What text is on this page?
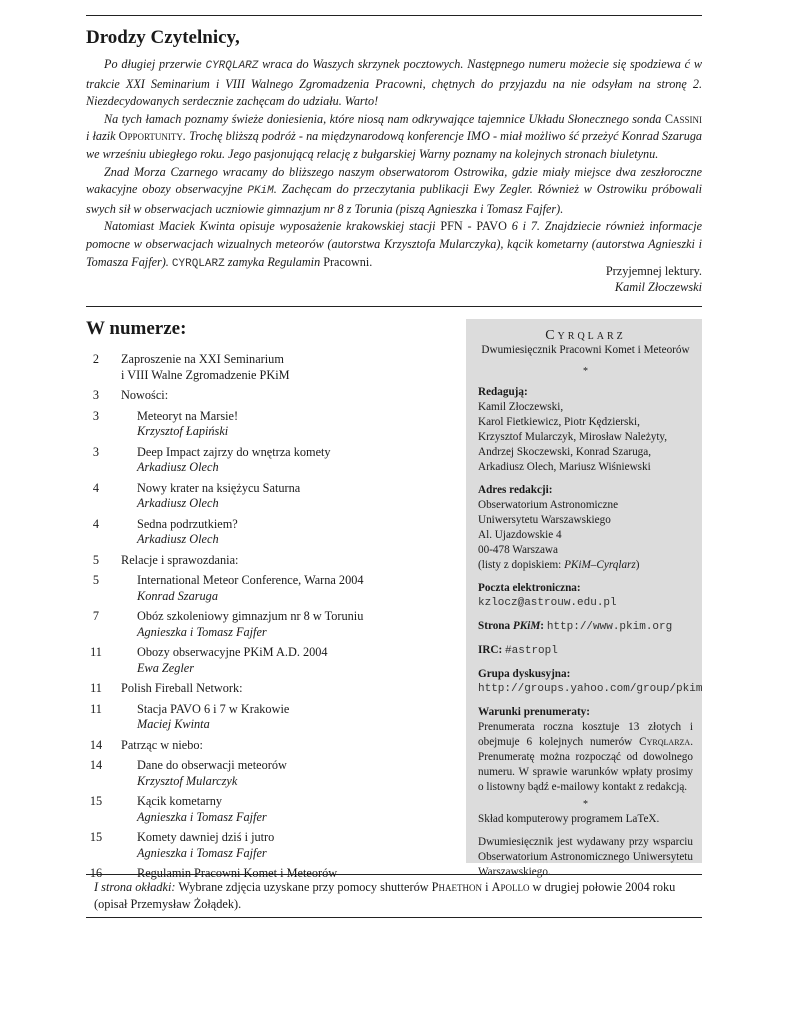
Drodzy Czytelnicy,

Po długiej przerwie CYRQLARZ wraca do Waszych skrzynek pocztowych. Następnego numeru możecie się spodziewa ć w trakcie XXI Seminarium i VIII Walnego Zgromadzenia Pracowni, chętnych do przyjazdu na nie odsyłam na stronę 2. Niezdecydowanych serdecznie zachęcam do udziału. Warto!

Na tych łamach poznamy świeże doniesienia, które niosą nam odkrywające tajemnice Układu Słonecznego sonda Cassini i łazik Opportunity. Trochę bliższą podróż - na międzynarodową konferencje IMO - miał możliwo ść przeżyć Konrad Szaruga we wrześniu ubiegłego roku. Jego pasjonującą relację z bułgarskiej Warny poznamy na kolejnych stronach biuletynu.

Znad Morza Czarnego wracamy do bliższego naszym obserwatorom Ostrowika, gdzie miały miejsce dwa zeszłoroczne wakacyjne obozy obserwacyjne PKiM. Zachęcam do przeczytania publikacji Ewy Zegler. Również w Ostrowiku próbowali swych sił w obserwacjach uczniowie gimnazjum nr 8 z Torunia (piszą Agnieszka i Tomasz Fajfer).

Natomiast Maciek Kwinta opisuje wyposażenie krakowskiej stacji PFN - PAVO 6 i 7. Znajdziecie również informacje pomocne w obserwacjach wizualnych meteorów (autorstwa Krzysztofa Mularczyka), kącik kometarny (autorstwa Agnieszki i Tomasza Fajfer). CYRQLARZ zamyka Regulamin Pracowni.

Przyjemnej lektury.
Kamil Złoczewski
W numerze:
2	Zaproszenie na XXI Seminarium
i VIII Walne Zgromadzenie PKiM
3	Nowości:
3	Meteoryt na Marsie!
Krzysztof Łapiński
3	Deep Impact zajrzy do wnętrza komety
Arkadiusz Olech
4	Nowy krater na księżycu Saturna
Arkadiusz Olech
4	Sedna podrzutkiem?
Arkadiusz Olech
5	Relacje i sprawozdania:
5	International Meteor Conference, Warna 2004
Konrad Szaruga
7	Obóz szkoleniowy gimnazjum nr 8 w Toruniu
Agnieszka i Tomasz Fajfer
11	Obozy obserwacyjne PKiM A.D. 2004
Ewa Zegler
11	Polish Fireball Network:
11	Stacja PAVO 6 i 7 w Krakowie
Maciej Kwinta
14	Patrząc w niebo:
14	Dane do obserwacji meteorów
Krzysztof Mularczyk
15	Kącik kometarny
Agnieszka i Tomasz Fajfer
15	Komety dawniej dziś i jutro
Agnieszka i Tomasz Fajfer
16	Regulamin Pracowni Komet i Meteorów
Cyrqlarz
Dwumiesięcznik Pracowni Komet i Meteorów
*
Redagują:
Kamil Złoczewski,
Karol Fietkiewicz, Piotr Kędzierski,
Krzysztof Mularczyk, Mirosław Należyty,
Andrzej Skoczewski, Konrad Szaruga,
Arkadiusz Olech, Mariusz Wiśniewski
Adres redakcji:
Obserwatorium Astronomiczne
Uniwersytetu Warszawskiego
Al. Ujazdowskie 4
00-478 Warszawa
(listy z dopiskiem: PKiM–Cyrqlarz)
Poczta elektroniczna:
kzlocz@astrouw.edu.pl
Strona PKiM: http://www.pkim.org
IRC: #astropl
Grupa dyskusyjna:
http://groups.yahoo.com/group/pkim
Warunki prenumeraty:
Prenumerata roczna kosztuje 13 złotych i obejmuje 6 kolejnych numerów Cyrqlarza. Prenumeratę można rozpocząć od dowolnego numeru. W sprawie warunków wpłaty prosimy o listowny bądź e-mailowy kontakt z redakcją.
*
Skład komputerowy programem LaTeX.
Dwumiesięcznik jest wydawany przy wsparciu Obserwatorium Astronomicznego Uniwersytetu Warszawskiego.
I strona okładki: Wybrane zdjęcia uzyskane przy pomocy shutterów Phaethon i Apollo w drugiej połowie 2004 roku (opisał Przemysław Żołądek).
